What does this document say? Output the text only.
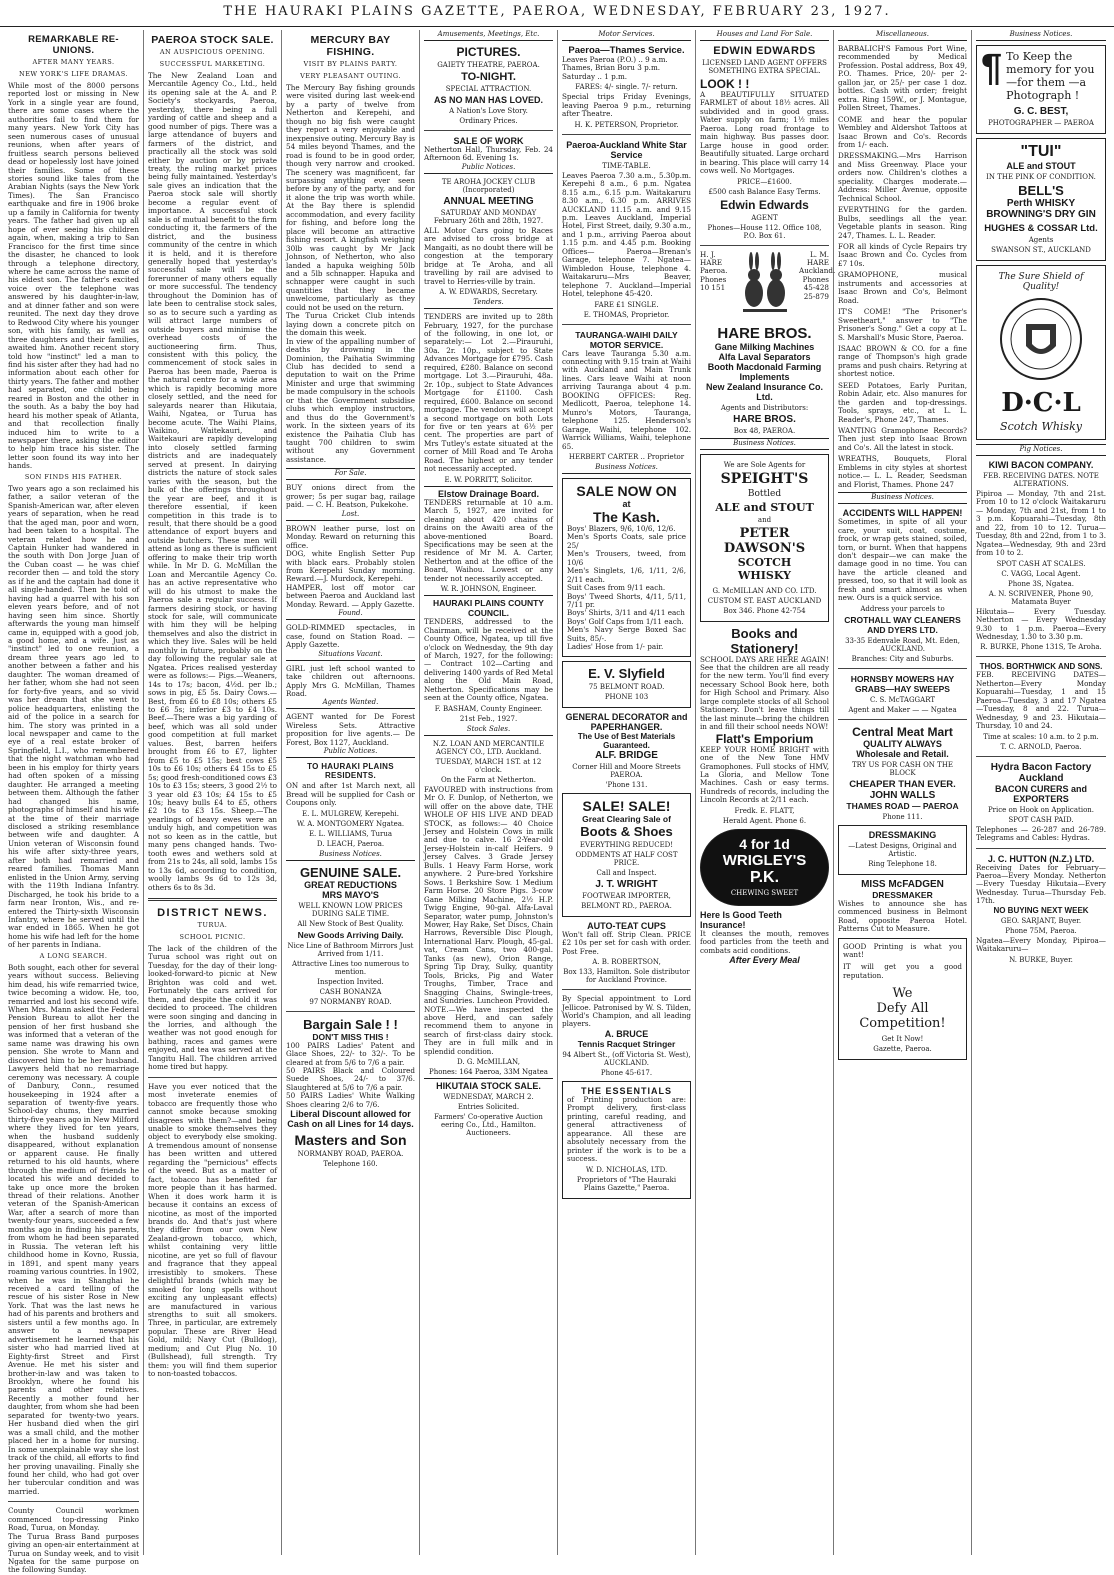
THE HAURAKI PLAINS GAZETTE, PAEROA, WEDNESDAY, FEBRUARY 23, 1927.
REMARKABLE RE-UNIONS.
AFTER MANY YEARS.
NEW YORK'S LIFE DRAMAS.

While most of the 8000 persons reported lost or missing in New York in a single year are found, there are some cases where the authorities fail to find them for many years. New York City has seen numerous cases of unusual reunions, when after years of fruitless search persons believed dead or hopelessly lost have joined their families. Some of these stories sound like tales from the Arabian Nights (says the New York Times). The San Francisco earthquake and fire in 1906 broke up a family in California for twenty years. The father had given up all hope of ever seeing his children again, when, making a trip to San Francisco for the first time since the disaster, he chanced to look through a telephone directory, where he came across the name of his eldest son. The father's excited voice over the telephone was answered by his daughter-in-law, and at dinner father and son were reunited. The next day they drove to Redwood City where his younger son, with his family, as well as three daughters and their families, awaited him. Another recent story told how "instinct" led a man to find his sister after they had had no information about each other for thirty years. The father and mother had separated, one child being reared in Boston and the other in the south. As a baby the boy had heard his mother speak of Atlanta, and that recollection finally induced him to write to a newspaper there, asking the editor to help him trace his sister. The letter soon found its way into her hands.

SON FINDS HIS FATHER.

Two years ago a son reclaimed his father, a sailor veteran of the Spanish-American war, after eleven years of separation, when he read that the aged man, poor and worn, had been taken to a hospital. The veteran related how he and Captain Hunker had wandered in the south with Don Jorge Juan of the Cuban coast — he was chief recorder then — and told the story as if he and the captain had done it all single-handed. Then he told of having had a quarrel with his son eleven years before, and of not having seen him since. Shortly afterwards the young man himself came in, equipped with a good job, a good home, and a wife. Just as "instinct" led to one reunion, a dream three years ago led to another between a father and his daughter. The woman dreamed of her father, whom she had not seen for forty-five years, and so vivid was her dream that she went to police headquarters, enlisting the aid of the police in a search for him. The story was printed in a local newspaper and came to the eye of a real estate broker of Springfield, L.I., who remembered that the night watchman who had been in his employ for thirty years had often spoken of a missing daughter. He arranged a meeting between them. Although the father had changed his name, photographs of himself and his wife at the time of their marriage disclosed a striking resemblance between wife and daughter. A Union veteran of Wisconsin found his wife after sixty-three years, after both had remarried and reared families. Thomas Mann enlisted in the Union Army, serving with the 119th Indiana Infantry. Discharged, he took his bride to a farm near Ironton, Wis., and re-entered the Thirty-sixth Wisconsin Infantry, where he served until the war ended in 1865. When he got home his wife had left for the home of her parents in Indiana.

A LONG SEARCH.

Both sought, each other for several years without success. Believing him dead, his wife remarried twice, twice becoming a widow. He, too, remarried and lost his second wife. When Mrs. Mann asked the Federal Pension Bureau to allot her the pension of her first husband she was informed that a veteran of the same name was drawing his own pension. She wrote to Mann and discovered him to be her husband. Lawyers held that no remarriage ceremony was necessary. A couple of Danbury, Conn., resumed housekeeping in 1924 after a separation of twenty-five years. School-day chums, they married thirty-five years ago in New Milford where they lived for ten years, when the husband suddenly disappeared, without explanation or apparent cause. He finally returned to his old haunts, where through the medium of friends he located his wife and decided to take up once more the broken thread of their relations. Another veteran of the Spanish-American War, after a search of more than twenty-four years, succeeded a few months ago in finding his parents, from whom he had been separated in Russia. The veteran left his childhood home in Kovno, Russia, in 1891, and spent many years roaming various countries. In 1902, when he was in Shanghai he received a card telling of the rescue of his sister Rose in New York. That was the last news he had of his parents and brothers and sisters until a few months ago. In answer to a newspaper advertisement he learned that his sister who had married lived at Eighty-first Street and First Avenue. He met his sister and brother-in-law and was taken to Brooklyn, where he found his parents and other relatives. Recently a mother found her daughter, from whom she had been separated for twenty-two years. Her husband died when the girl was a small child, and the mother placed her in a home for nursing. In some unexplainable way she lost track of the child, all efforts to find her proving unavailing. Finally she found her child, who had got over her tubercular condition and was married.

County Council workmen commenced top-dressing Pinko Road, Turua, on Monday.

The Turua Brass Band purposes giving an open-air entertainment at Turua on Sunday week, and to visit Ngatea for the same purpose on the following Sunday.

PAEROA STOCK SALE.
AN AUSPICIOUS OPENING.
SUCCESSFUL MARKETING.

The New Zealand Loan and Mercantile Agency Co., Ltd., held its opening sale at the A. and P. Society's stockyards, Paeroa, yesterday, there being a full yarding of cattle and sheep and a good number of pigs. There was a large attendance of buyers and farmers of the district, and practically all the stock was sold either by auction or by private treaty, the ruling market prices being fully maintained. Yesterday's sale gives an indication that the Paeroa stock sale will shortly become a regular event of importance. A successful stock sale is of mutual benefit to the firm conducting it, the farmers of the district, and the business community of the centre in which it is held, and it is therefore generally hoped that yesterday's successful sale will be the forerunner of many others equally or more successful. The tendency throughout the Dominion has of late been to centralise stock sales, so as to secure such a yarding as will attract large numbers of outside buyers and minimise the overhead costs of the auctioneering firm. Thus, consistent with this policy, the commencement of stock sales in Paeroa has been made, Paeroa is the natural centre for a wide area which is rapidly becoming more closely settled, and the need for saleyards nearer than Hikutaia, Waihi, Ngatea, or Turua has become acute. The Waihi Plains, Waikino, Waitekauri, and Waitekauri are rapidly developing into closely settled farming districts and are inadequately served at present. In dairying districts the nature of stock sales varies with the season, but the bulk of the offerings throughout the year are beef, and it is therefore essential, if keen competition in this trade is to result, that there should be a good attendance of export buyers and outside butchers. These men will attend as long as there is sufficient offering to make their trip worth while. In Mr D. G. McMillan the Loan and Mercantile Agency Co. has an active representative who will do his utmost to make the Paeroa sale a regular success. If farmers desiring stock, or having stock for sale, will communicate with him they will be helping themselves and also the district in which they live. Sales will be held monthly in future, probably on the day following the regular sale at Ngatea. Prices realised yesterday were as follows:— Pigs.—Weaners, 14s to 17s; bacon, 4½d. per lb.; sows in pig, £5 5s. Dairy Cows.—Best, from £6 to £8 10s; others £5 to £6 5s; inferior £3 to £4 10s. Beef.—There was a big yarding of beef, which was all sold under good competition at full market values. Best, barren heifers brought from £6 to £7, lighter from £5 to £5 15s; best cows £5 10s to £6 10s; others £4 15s to £5 5s; good fresh-conditioned cows £3 10s to £3 15s; steers, 3 good 2½ to 3 year old £3 10s; £4 15s to £5 10s; heavy bulls £4 to £5, others £2 10s to £3 15s. Sheep.—The yearlings of heavy ewes were an unduly high, and competition was not so keen as in the cattle, but many pens changed hands. Two-tooth ewes and wethers sold at from 21s to 24s, all sold, lambs 15s to 13s 6d, according to condition, woolly lambs 9s 6d to 12s 3d, others 6s to 8s 3d.

DISTRICT NEWS.
TURUA.
SCHOOL PICNIC.

The lack of the children of the Turua school was right out on Tuesday, for the day of their long-looked-forward-to picnic at New Brighton was cold and wet. Fortunately the cars arrived for them, and despite the cold it was decided to proceed. The children were soon singing and dancing in the lorries, and although the weather was not good enough for bathing, races and games were enjoyed, and tea was served at the Tangitu Hall. The children arrived home tired but happy.

Have you ever noticed that the most inveterate enemies of tobacco are frequently those who cannot smoke because smoking disagrees with them?—and being unable to smoke themselves they object to everybody else smoking. A tremendous amount of nonsense has been written and uttered regarding the "pernicious" effects of the weed. But as a matter of fact, tobacco has benefited far more people than it has harmed. When it does work harm it is because it contains an excess of nicotine, as most of the imported brands do. And that's just where they differ from our own New Zealand-grown tobacco, which, whilst containing very little nicotine, are yet so full of flavour and fragrance that they appeal irresistibly to smokers. These delightful brands (which may be smoked for long spells without exciting any unpleasant effects) are manufactured in various strengths to suit all smokers. Three, in particular, are extremely popular. These are River Head Gold, mild; Navy Cut (Bulldog), medium; and Cut Plug No. 10 (Bullshead), full strength. Try them: you will find them superior to non-toasted tobaccos.

MERCURY BAY FISHING.
VISIT BY PLAINS PARTY.
VERY PLEASANT OUTING.

The Mercury Bay fishing grounds were visited during last week-end by a party of twelve from Netherton and Kerepehi, and though no big fish were caught they report a very enjoyable and inexpensive outing. Mercury Bay is 54 miles beyond Thames, and the road is found to be in good order, though very narrow and crooked. The scenery was magnificent, far surpassing anything ever seen before by any of the party, and for it alone the trip was worth while. At the Bay there is splendid accommodation, and every facility for fishing, and before long the place will become an attractive fishing resort. A kingfish weighing 30lb was caught by Mr Jack Johnson, of Netherton, who also landed a hapuka weighing 50lb and a 5lb schnapper. Hapuka and schnapper were caught in such quantities that they became unwelcome, particularly as they could not be used on the return.

The Turua Cricket Club intends laying down a concrete pitch on the domain this week.

In view of the appalling number of deaths by drowning in the Dominion, the Paihatia Swimming Club has decided to send a deputation to wait on the Prime Minister and urge that swimming be made compulsory in the schools or that the Government subsidise clubs which employ instructors, and thus do the Government's work. In the sixteen years of its existence the Paihatia Club has taught 700 children to swim without any Government assistance.

For Sale.

BUY onions direct from the grower; 5s per sugar bag, railage paid. — C. H. Beatson, Pukekohe.

Lost.

BROWN leather purse, lost on Monday. Reward on returning this office.

DOG, white English Setter Pup with black ears. Probably stolen from Kerepehi Sunday morning. Reward.—J. Murdock, Kerepehi.

HAMPER, lost off motor car between Paeroa and Auckland last Monday. Reward. — Apply Gazette.

Found.

GOLD-RIMMED spectacles, in case, found on Station Road. —Apply Gazette.

Situations Vacant.

GIRL just left school wanted to take children out afternoons. Apply Mrs G. McMillan, Thames Road.

Agents Wanted.

AGENT wanted for De Forest Wireless Sets. Attractive proposition for live agents.— De Forest, Box 1127, Auckland.

Public Notices.
TO HAURAKI PLAINS RESIDENTS.

ON and after 1st March next, all Bread will be supplied for Cash or Coupons only.

E. L. MULGREW, Kerepehi.
W. A. MONTGOMERY Ngatea.
E. L. WILLIAMS, Turua
D. LEACH, Paeroa.
Business Notices.
GENUINE SALE.
GREAT REDUCTIONS
MRS MAYO'S
WELL KNOWN LOW PRICES DURING SALE TIME.
All New Stock of Best Quality.
New Goods Arriving Daily.
Nice Line of Bathroom Mirrors Just Arrived from 1/11.
Attractive Lines too numerous to mention.
Inspection Invited.
CASH BONANZA
97 NORMANBY ROAD.
Bargain Sale ! !
DON'T MISS THIS !

100 PAIRS Ladies' Patent and Glace Shoes, 22/- to 32/-. To be cleared at from 5/6 to 7/6 a pair.

50 PAIRS Black and Coloured Suede Shoes, 24/- to 37/6. Slaughtered at 5/6 to 7/6 a pair.

50 PAIRS Ladies' White Walking Shoes clearing 2/6 to 7/6.

Liberal Discount allowed for Cash on all Lines for 14 days.
Masters and Son
NORMANBY ROAD, PAEROA.
Telephone 160.
Amusements, Meetings, Etc.
PICTURES.
GAIETY THEATRE, PAEROA.
TO-NIGHT.
SPECIAL ATTRACTION.
AS NO MAN HAS LOVED.
A Nation's Love Story.
Ordinary Prices.
SALE OF WORK

Netherton Hall, Thursday, Feb. 24 Afternoon 6d. Evening 1s.

Public Notices.
TE AROHA JOCKEY CLUB (Incorporated)
ANNUAL MEETING
SATURDAY AND MONDAY February 26th and 28th, 1927.

ALL Motor Cars going to Races are advised to cross bridge at Mangaiti, as no doubt there will be congestion at the temporary bridge at Te Aroha, and all travelling by rail are advised to travel to Herries-ville by train.

A. W. EDWARDS, Secretary.
Tenders.

TENDERS are invited up to 28th February, 1927, for the purchase of the following, in one lot, or separately:— Lot 2.—Pirauruhi, 30a. 2r. 10p., subject to State Advances Mortgage for £795. Cash required, £280. Balance on second mortgage. Lot 3.—Pirauruhi, 48a. 2r. 10p., subject to State Advances Mortgage for £1100. Cash required, £600. Balance on second mortgage. The vendors will accept a second mortgage on both Lots for five or ten years at 6½ per cent. The properties are part of Mrs Tutley's estate situated at the corner of Mill Road and Te Aroha Road. The highest or any tender not necessarily accepted.

E. W. PORRITT, Solicitor.
Elstow Drainage Board.

TENDERS returnable at 10 a.m. March 5, 1927, are invited for cleaning about 420 chains of drains on the Awaiti area of the above-mentioned Board. Specifications may be seen at the residence of Mr M. A. Carter, Netherton and at the office of the Board, Waihou. Lowest or any tender not necessarily accepted.

W. R. JOHNSON, Engineer.
HAURAKI PLAINS COUNTY COUNCIL.

TENDERS, addressed to the Chairman, will be received at the County Office, Ngatea, up till five o'clock on Wednesday, the 9th day of March, 1927, for the following:— Contract 102—Carting and delivering 1400 yards of Red Metal along the Old Main Road, Netherton. Specifications may be seen at the County office, Ngatea.

F. BASHAM, County Engineer.
21st Feb., 1927.
Stock Sales.
N.Z. LOAN AND MERCANTILE AGENCY CO., LTD. Auckland.
TUESDAY, MARCH 1ST. at 12 o'clock.
On the Farm at Netherton.

FAVOURED with instructions from Mr O. F. Dunlop, of Netherton, we will offer on the above date, THE WHOLE OF HIS LIVE AND DEAD STOCK, as follows:— 40 Choice Jersey and Holstein Cows in milk and due to calve. 16 2-Year-old Jersey-Holstein in-calf Heifers. 9 Jersey Calves. 3 Grade Jersey Bulls. 1 Heavy Farm Horse, work anywhere. 2 Pure-bred Yorkshire Sows. 1 Berkshire Sow. 1 Medium Farm Horse. 20 Store Pigs. 3-cow Gane Milking Machine, 2½ H.P. Twigg Engine, 90-gal. Alfa-Laval Separator, water pump, Johnston's Mower, Hay Rake, Set Discs, Chain Harrows, Reversible Disc Plough, International Harv. Plough, 45-gal. vat, Cream Cans, two 400-gal. Tanks (as new), Orion Range, Spring Tip Dray, Sulky, quantity Tools, Bricks, Pig and Water Troughs, Timber, Trace and Snagging Chains, Swingle-trees, and Sundries. Luncheon Provided.

NOTE.—We have inspected the above Herd, and can safely recommend them to anyone in search of first-class dairy stock. They are in full milk and in splendid condition.

D. G. McMILLAN,
Phones: 164 Paeroa, 33M Ngatea
HIKUTAIA STOCK SALE.
WEDNESDAY, MARCH 2.
Entries Solicited.
Farmers' Co-operative Auction eering Co., Ltd., Hamilton. Auctioneers.
Motor Services.
Paeroa—Thames Service.
Leaves Paeroa (P.O.) .. 9 a.m.
Thames, Brian Boru 3 p.m.
Saturday .. 1 p.m.
FARES: 4/- single. 7/- return.

Special trips Friday Evenings, leaving Paeroa 9 p.m., returning after Theatre.

H. K. PETERSON, Proprietor.
Paeroa-Auckland White Star Service
TIME-TABLE.

Leaves Paeroa 7.30 a.m., 5.30p.m. Kerepehi 8 a.m., 6 p.m. Ngatea 8.15 a.m., 6.15 p.m. Waitakaruru 8.30 a.m., 6.30 p.m. ARRIVES AUCKLAND 11.15 a.m. and 9.15 p.m. Leaves Auckland, Imperial Hotel, First Street, daily, 9.30 a.m., and 1 p.m., arriving Paeroa about 1.15 p.m. and 4.45 p.m. Booking Offices— Paeroa—Brenan's Garage, telephone 7. Ngatea—Wimbledon House, telephone 4. Waitakaruru—Mrs Beaver, telephone 7. Auckland—Imperial Hotel, telephone 45-420.

FARE £1 SINGLE.
E. THOMAS, Proprietor.
TAURANGA-WAIHI DAILY MOTOR SERVICE.

Cars leave Tauranga 5.30 a.m. connecting with 9.15 train at Waihi with Auckland and Main Trunk lines. Cars leave Waihi at noon arriving Tauranga about 4 p.m. BOOKING OFFICES: Reg. Medlicott, Paeroa, telephone 14. Munro's Motors, Tauranga, telephone 125. Henderson's Garage, Waihi, telephone 102. Warrick Williams, Waihi, telephone 65.

HERBERT CARTER .. Proprietor
Business Notices.
SALE NOW ON
at
The Kash.
Boys' Blazers, 9/6, 10/6, 12/6.
Men's Sports Coats, sale price 25/
Men's Trousers, tweed, from 10/6
Men's Singlets, 1/6, 1/11, 2/6, 2/11 each.
Suit Cases from 9/11 each.
Boys' Tweed Shorts, 4/11, 5/11, 7/11 pr.
Boys' Shirts, 3/11 and 4/11 each
Boys' Golf Caps from 1/11 each.
Men's Navy Serge Boxed Sac Suits, 85/-.
Ladies' Hose from 1/- pair.
E. V. Slyfield
75 BELMONT ROAD.
PHONE 103
GENERAL DECORATOR and PAPERHANGER.
The Use of Best Materials Guaranteed.
ALF. BRIDGE
Corner Hill and Moore Streets PAEROA.
'Phone 131.
SALE! SALE!
Great Clearing Sale of
Boots & Shoes
EVERYTHING REDUCED!
ODDMENTS AT HALF COST PRICE.
Call and Inspect.
J. T. WRIGHT
FOOTWEAR IMPORTER,
BELMONT RD., PAEROA.
AUTO-TEAT CUPS

Won't fall off. Strip Clean. PRICE £2 10s per set for cash with order. Post Free.

A. B. ROBERTSON,
Box 133, Hamilton. Sole distributor for Auckland Province.

By Special appointment to Lord Jellicoe. Patronised by W. S. Tilden, World's Champion, and all leading players.

A. BRUCE
Tennis Racquet Stringer
94 Albert St., (off Victoria St. West), AUCKLAND.
Phone 45-617.
THE ESSENTIALS

of Printing production are: Prompt delivery, first-class printing, careful reading, and general attractiveness of appearance. All these are absolutely necessary from the printer if the work is to be a success.

W. D. NICHOLAS, LTD.
Proprietors of "The Hauraki Plains Gazette," Paeroa.
Houses and Land For Sale.
EDWIN EDWARDS
LICENSED LAND AGENT OFFERS SOMETHING EXTRA SPECIAL.
LOOK ! !

A BEAUTIFULLY SITUATED FARMLET of about 18½ acres. All subdivided and in good grass. Water supply on farm; 1½ miles Paeroa. Long road frontage to main highway. Bus passes door. Large house in good order. Beautifully situated. Large orchard in bearing. This place will carry 14 cows well. No Mortgages.

PRICE—£1600.
£500 cash Balance Easy Terms.
Edwin Edwards
AGENT
Phones—House 112. Office 108, P.O. Box 61.
H. J. HARE Paeroa. Phones 10 151
L. M. HARE Auckland. Phones 45-428 25-879
HARE BROS.
Gane Milking Machines
Alfa Laval Separators
Booth Macdonald Farming Implements
New Zealand Insurance Co. Ltd.
Agents and Distributors:
HARE BROS.
Box 48, PAEROA.
Business Notices.
We are Sole Agents for
SPEIGHT'S
Bottled
ALE and STOUT
and
PETER
DAWSON'S
SCOTCH
WHISKY
G. McMILLAN AND CO. LTD.
CUSTOM ST. EAST AUCKLAND
Box 346. Phone 42-754
Books and Stationery!

SCHOOL DAYS ARE HERE AGAIN! See that the children are all ready for the new term. You'll find every necessary School Book here, both for High School and Primary. Also large complete stocks of all School Stationery. Don't leave things till the last minute—bring the children in and fill their school needs NOW!

Flatt's Emporium

KEEP YOUR HOME BRIGHT with one of the New Tone HMV Gramophones. Full stocks of HMV, La Gloria, and Mellow Tone Machines. Cash or easy terms. Hundreds of records, including the Lincoln Records at 2/11 each.

Fredk. E. FLATT,
Herald Agent. Phone 6.
4 for 1d
WRIGLEY'S
P.K.
CHEWING SWEET
Here Is Good Teeth Insurance!

It cleanses the mouth, removes food particles from the teeth and combats acid conditions.

After Every Meal
Miscellaneous.

BARBALICH'S Famous Port Wine, recommended by Medical Profession. Postal address, Box 49, P.O. Thames. Price, 20/- per 2-gallon jar, or 25/- per case 1 doz. bottles. Cash with order; freight extra. Ring 159W., or J. Montague, Pollen Street, Thames.

COME and hear the popular Wembley and Aldershot Tattoos at Isaac Brown and Co's. Records from 1/- each.

DRESSMAKING.—Mrs Harrison and Miss Greenway. Place your orders now. Children's clothes a speciality. Charges moderate.— Address: Miller Avenue, opposite Technical School.

EVERYTHING for the garden. Bulbs, seedlings all the year. Vegetable plants in season. Ring 247, Thames. L. L. Reader.

FOR all kinds of Cycle Repairs try Isaac Brown and Co. Cycles from £7 10s.

GRAMOPHONE, musical instruments and accessories at Isaac Brown and Co's, Belmont Road.

IT'S COME! "The Prisoner's Sweetheart," answer to "The Prisoner's Song." Get a copy at L. S. Marshall's Music Store, Paeroa.

ISAAC BROWN & CO. for a fine range of Thompson's high grade prams and push chairs. Retyring at shortest notice.

SEED Potatoes, Early Puritan, Robin Adair, etc. Also manures for the garden and top-dressings. Tools, sprays, etc., at L. L. Reader's, Phone 247, Thames.

WANTING Gramophone Records? Then just step into Isaac Brown and Co's. All the latest in stock.

WREATHS, Bouquets, Floral Emblems in city styles at shortest notice.— L. L. Reader, Seedsman and Florist, Thames. Phone 247

Business Notices.
ACCIDENTS WILL HAPPEN!

Sometimes, in spite of all your care, your suit, coat, costume, frock, or wrap gets stained, soiled, torn, or burnt. When that happens don't despair—we can make the damage good in no time. You can have the article cleaned and pressed, too, so that it will look as fresh and smart almost as when new. Ours is a quick service.

Address your parcels to
CROTHALL WAY CLEANERS AND DYERS LTD.
33-35 Edenvale Road, Mt. Eden, AUCKLAND.
Branches: City and Suburbs.
HORNSBY MOWERS HAY GRABS—HAY SWEEPS
C. S. McTAGGART
Agent and Maker — — Ngatea
Central Meat Mart
QUALITY ALWAYS
Wholesale and Retail.
TRY US FOR CASH ON THE BLOCK
CHEAPER THAN EVER.
JOHN WALLS
THAMES ROAD — PAEROA
Phone 111.
DRESSMAKING
—Latest Designs, Original and Artistic.
Ring Telephone 18.
MISS McFADGEN
DRESSMAKER

Wishes to announce she has commenced business in Belmont Road, opposite Paeroa Hotel. Patterns Cut to Measure.

GOOD Printing is what you want!
IT will get you a good reputation.
We
Defy All
Competition!
Get It Now!
Gazette, Paeroa.
Business Notices.
¶ To Keep the memory for you—for them —a Photograph !
G. C. BEST,
PHOTOGRAPHER — PAEROA
"TUI"
ALE and STOUT
IN THE PINK OF CONDITION.
BELL'S
Perth WHISKY
BROWNING'S DRY GIN
HUGHES & COSSAR Ltd.
Agents
SWANSON ST., AUCKLAND
The Sure Shield of Quality!
D·C·L
Scotch Whisky
Pig Notices.
KIWI BACON COMPANY.
FEB. RECEIVING DATES. NOTE ALTERATIONS.

Pipiroa — Monday, 7th and 21st. From 10 to 12 o'clock Waitakaruru — Monday, 7th and 21st, from 1 to 3 p.m. Kopuarahi—Tuesday, 8th and 22, from 10 to 12. Turua—Tuesday, 8th and 22nd, from 1 to 3. Ngatea—Wednesday, 9th and 23rd from 10 to 2.

SPOT CASH AT SCALES.
C. VAGG, Local Agent.
Phone 3S, Ngatea.
A. N. SCRIVENER, Phone 90, Matamata Buyer

Hikutaia— Every Tuesday. Netherton — Every Wednesday 9.30 to 1 p.m. Paeroa—Every Wednesday, 1.30 to 3.30 p.m.

R. BURKE, Phone 131S, Te Aroha.
THOS. BORTHWICK AND SONS.

FEB. RECEIVING DATES— Netherton—Every Monday Kopuarahi—Tuesday, 1 and 15 Paeroa—Tuesday, 3 and 17 Ngatea—Tuesday, 8 and 22. Turua—Wednesday, 9 and 23. Hikutaia—Thursday, 10 and 24.

Time at scales: 10 a.m. to 2 p.m.
T. C. ARNOLD, Paeroa.
Hydra Bacon Factory Auckland
BACON CURERS and EXPORTERS
Price on Hook on Application.
SPOT CASH PAID.

Telephones — 26-287 and 26-789. Telegrams and Cables: Hydras.

J. C. HUTTON (N.Z.) LTD.

Receiving Dates for February— Paeroa—Every Monday. Netherton—Every Tuesday Hikutaia—Every Wednesday. Turua—Thursday Feb. 17th.

NO BUYING NEXT WEEK
GEO. SARJANT, Buyer.
Phone 75M, Paeroa.

Ngatea—Every Monday, Pipiroa— Waitakaruru—

N. BURKE, Buyer.
